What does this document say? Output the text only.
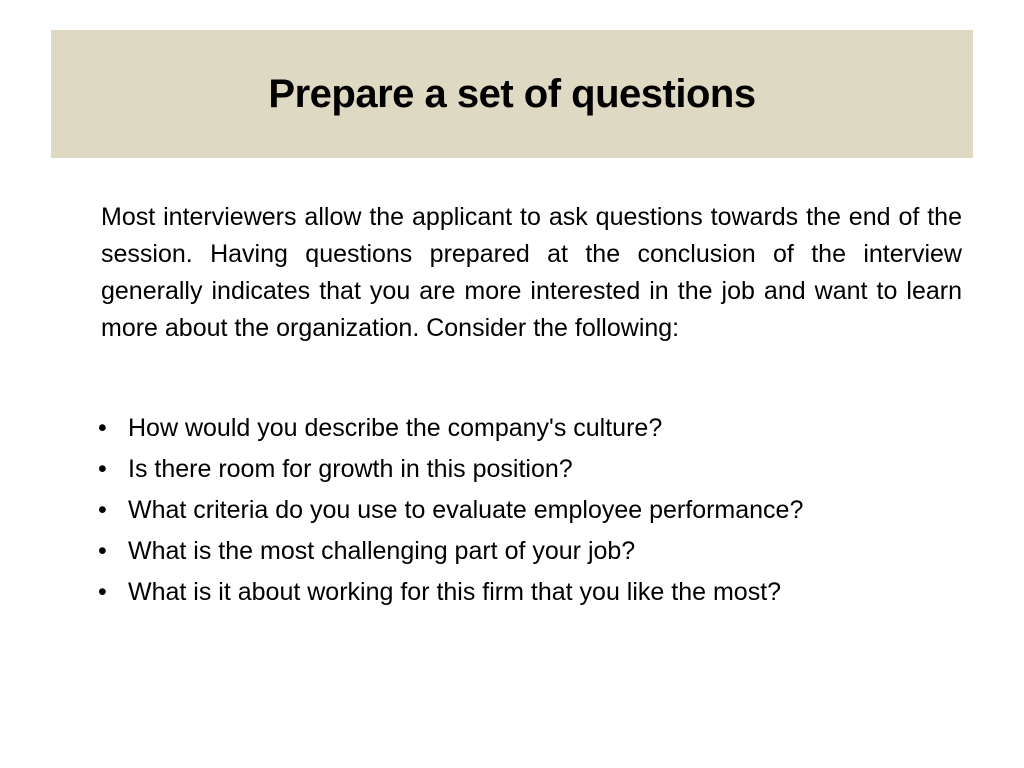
Prepare a set of questions

Most interviewers allow the applicant to ask questions towards the end of the session. Having questions prepared at the conclusion of the interview generally indicates that you are more interested in the job and want to learn more about the organization. Consider the following:

• How would you describe the company's culture?
• Is there room for growth in this position?
• What criteria do you use to evaluate employee performance?
• What is the most challenging part of your job?
• What is it about working for this firm that you like the most?
